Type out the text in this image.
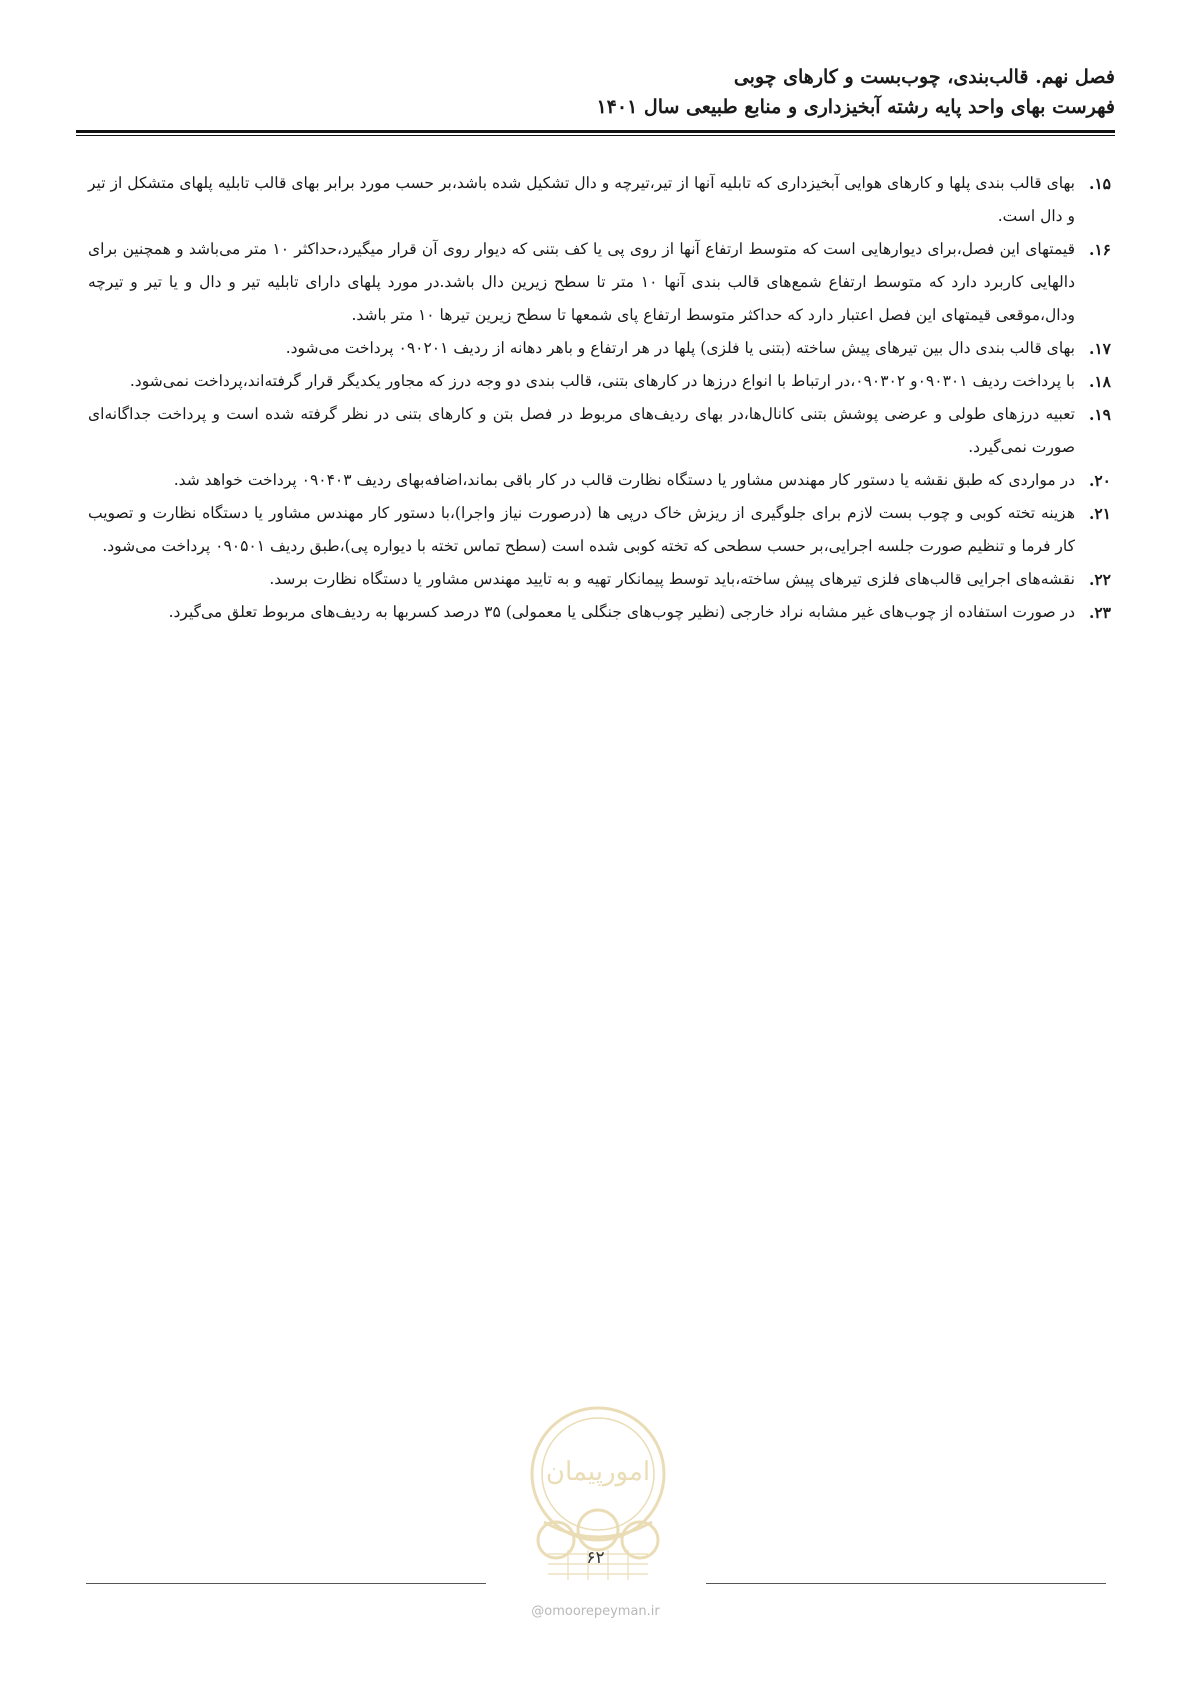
فصل نهم. قالب‌بندی، چوب‌بست و کارهای چوبی
فهرست بهای واحد پایه رشته آبخیزداری و منابع طبیعی سال ۱۴۰۱

۱۵.
بهای قالب بندی پلها و کارهای هوایی آبخیزداری که تابلیه آنها از تیر،تیرچه و دال تشکیل شده باشد،بر حسب مورد برابر بهای قالب تابلیه پلهای متشکل از تیر و دال است.

۱۶.
قیمتهای این فصل،برای دیوارهایی است که متوسط ارتفاع آنها از روی پی یا کف بتنی که دیوار روی آن قرار میگیرد،حداکثر ۱۰ متر می‌باشد و همچنین برای دالهایی کاربرد دارد که متوسط ارتفاع شمع‌های قالب بندی آنها ۱۰ متر تا سطح زیرین دال باشد.در مورد پلهای دارای تابلیه تیر و دال و یا تیر و تیرچه ودال،موقعی قیمتهای این فصل اعتبار دارد که حداکثر متوسط ارتفاع پای شمعها تا سطح زیرین تیرها ۱۰ متر باشد.

۱۷.
بهای قالب بندی دال بین تیرهای پیش ساخته (بتنی یا فلزی) پلها در هر ارتفاع و باهر دهانه از ردیف ۰۹۰۲۰۱ پرداخت می‌شود.

۱۸.
با پرداخت ردیف ۰۹۰۳۰۱و ۰۹۰۳۰۲،در ارتباط با انواع درزها در کارهای بتنی، قالب بندی دو وجه درز که مجاور یکدیگر قرار گرفته‌اند،پرداخت نمی‌شود.

۱۹.
تعبیه درزهای طولی و عرضی پوشش بتنی کانال‌ها،در بهای ردیف‌های مربوط در فصل بتن و کارهای بتنی در نظر گرفته شده است و پرداخت جداگانه‌ای صورت نمی‌گیرد.

۲۰.
در مواردی که طبق نقشه یا دستور کار مهندس مشاور یا دستگاه نظارت قالب در کار باقی بماند،اضافه‌بهای ردیف ۰۹۰۴۰۳ پرداخت خواهد شد.

۲۱.
هزینه تخته کوبی و چوب بست لازم برای جلوگیری از ریزش خاک درپی ها (درصورت نیاز واجرا)،با دستور کار مهندس مشاور یا دستگاه نظارت و تصویب کار فرما و تنظیم صورت جلسه اجرایی،بر حسب سطحی که تخته کوبی شده است (سطح تماس تخته با دیواره پی)،طبق ردیف ۰۹۰۵۰۱ پرداخت می‌شود.

۲۲.
نقشه‌های اجرایی قالب‌های فلزی تیرهای پیش ساخته،باید توسط پیمانکار تهیه و به تایید مهندس مشاور یا دستگاه نظارت برسد.

۲۳.
در صورت استفاده از چوب‌های غیر مشابه نراد خارجی (نظیر چوب‌های جنگلی یا معمولی) ۳۵ درصد کسربها به ردیف‌های مربوط تعلق می‌گیرد.

امورپیمان
۶۲
@omoorepeyman.ir
